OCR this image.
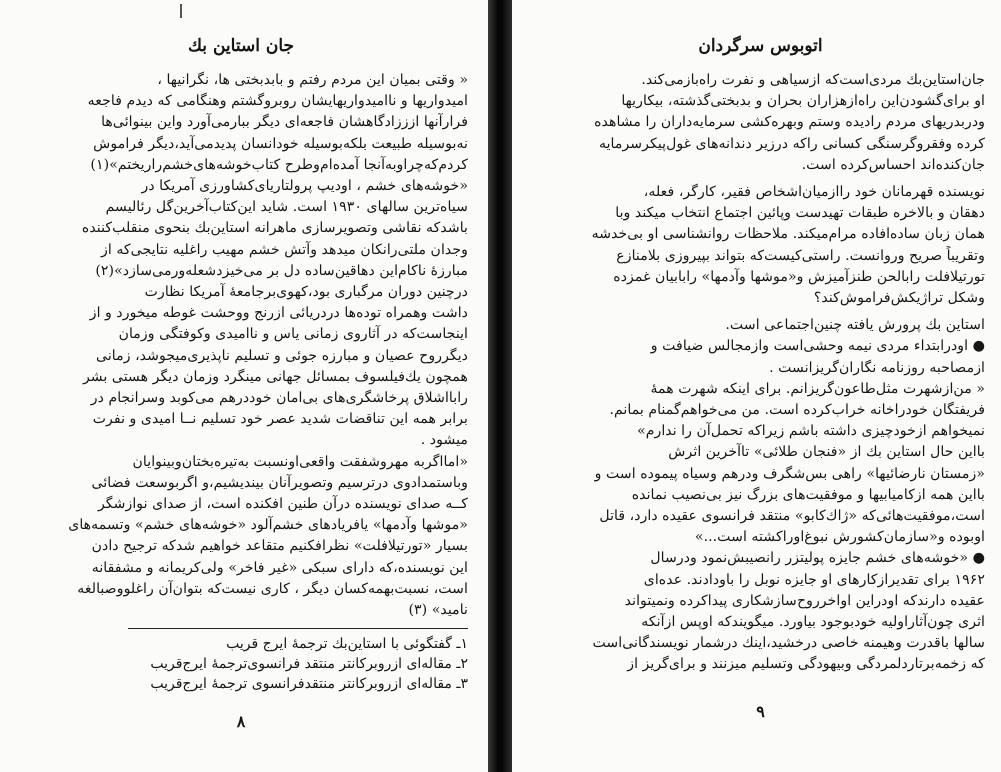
جان استاین بك
« وقتی بمیان این مردم رفتم و بابدبختی ها، نگرانیها ،
امیدواریها و ناامیدواریهایشان روبروگشتم وهنگامی که دیدم فاجعه
فرارآنها ازززادگاهشان فاجعه‌ای دیگر ببارمی‌آورد واین بینوائی‌ها
نه‌بوسیله طبیعت بلکه‌بوسیله خودانسان پدیدمی‌آید،دیگر فراموش
کردم‌که‌چرا‌وبه‌آنجا آمده‌ام‌وطرح کتاب‌خوشه‌های‌خشم‌راریختم»(۱)
«خوشه‌های خشم ، اودیپ پرولتاریای‌کشاورزی آمریکا در
سیاه‌ترین سالهای ۱۹۳۰ است. شاید این‌کتاب‌آخرین‌گل رئالیسم
باشدکه نقاشی وتصویرسازی ماهرانه استاین‌بك بنحوی منقلب‌کننده
وجدان ملتی‌رانکان میدهد وآتش خشم مهیب راغلیه نتایجی‌که از
مبارزهٔ ناکام‌این دهاقین‌ساده دل بر می‌خیزدشعله‌ورمی‌سازد»(۲)
درچنین دوران مرگباری بود،کهوی‌برجامعهٔ آمریکا نظارت
داشت وهمراه توده‌ها دردریائی ازرنج ووحشت غوطه میخورد و از
اینجاست‌که در آثاروی زمانی یاس و ناامیدی وکوفتگی وزمان
دیگرروح عصیان و مبارزه جوئی و تسلیم ناپذیری‌میجوشد، زمانی
همچون یك‌فیلسوف بمسائل جهانی مینگرد وزمان دیگر هستی بشر
رابااشلاق پرخاشگری‌های بی‌امان خوددرهم می‌کوبد وسرانجام در
برابر همه این تناقضات شدید عصر خود تسلیم نــا امیدی و نفرت
میشود .
«امااگربه مهروشفقت واقعی‌اونسبت به‌تیره‌بختان‌وبینوایان
وباستمدادوی درترسیم وتصویرآنان بیندیشیم،و اگربوسعت فضائی
کــه صدای نویسنده درآن طنین افکنده است، از صدای نوازشگر
«موشها وآدمها» یافریادهای خشم‌آلود «خوشه‌های خشم» وتسمه‌های
بسیار «تورتیلافلت» نظرافکنیم متقاعد خواهیم شدکه ترجیح دادن
این نویسنده،که دارای سبکی «غیر فاخر» ولی‌کریمانه و مشفقانه
است، نسبت‌بهمه‌کسان دیگر ، کاری نیست‌که بتوان‌آن راغلووصبالغه
نامید» (۳)
۱ـ گفتگوئی با استاین‌بك ترجمهٔ ایرج قریب
۲ـ مقاله‌ای ازروبر‌کانتر منتقد فرانسوی‌ترجمهٔ ایرج‌قریب
۳ـ مقاله‌ای ازروبرکانتر منتقدفرانسوی ترجمهٔ ایرج‌قریب
۸
اتوبوس سرگردان
جان‌استاین‌بك مردی‌است‌که ازسیاهی و نفرت راه‌بازمی‌کند.
او برای‌گشودن‌این راه‌ازهزاران بحران و بدبختی‌گذشته، بیکاریها
ودربدریهای مردم رادیده وستم وبهره‌کشی سرمایه‌داران را مشاهده
کرده وفقروگرسنگی کسانی راکه درزیر دندانه‌های غول‌پیکرسرمایه
جان‌کنده‌اند احساس‌کرده است.
نویسنده قهرمانان خود راازمیان‌اشخاص فقیر، کارگر، فعله،
دهقان و بالاخره طبقات تهیدست وپائین اجتماع انتخاب میکند وبا
همان زبان ساده‌افاده مرام‌میکند. ملاحظات روانشناسی او بی‌خدشه
وتقریباً صریح وروانست. راستی‌کیست‌که بتواند بپیروزی بلامنازع
تورتیلافلت رابالحن طنزآمیزش و«موشها وآدمها» رابابیان غمزده
وشکل تراژیکش‌فراموش‌کند؟
استاین بك پرورش یافته چنین‌اجتماعی است.
● اودرابتداء مردی نیمه وحشی‌است وازمجالس ضیافت و
ازمصاحبه روزنامه نگاران‌گریزانست .
« من‌ازشهرت مثل‌طاعون‌گریزانم. برای اینکه شهرت همهٔ
فریفتگان خودراخانه خراب‌کرده است. من می‌خواهم‌گمنام بمانم.
نمیخواهم ازخودچیزی داشته باشم زیراکه تحمل‌آن را ندارم»
با‌این حال استاین بك از «فنجان طلائی» تاآخرین اثرش
«زمستان نارضائیها» راهی بس‌شگرف ودرهم وسیاه پیموده است و
بااین همه ازکامیابیها و موفقیت‌های بزرگ نیز بی‌نصیب نمانده
است،موفقیت‌هائی‌که «ژاك‌کابو» منتقد فرانسوی عقیده دارد، قاتل
اوبوده‌ و«سازمان‌کشورش نبوغ‌اوراکشته است...»
● «خوشه‌های خشم جایزه پولیتزر رانصیبش‌نمود ودرسال
۱۹۶۲ برای تقدیرازکارهای او جایزه نوبل را باودادند. عده‌ای
عقیده دارندکه اودراین اواخرروح‌سازشکاری پیداکرده ونمیتواند
اثری چون‌آثاراولیه خودبوجود بیاورد. میگویندکه اوپس ازآنکه
سالها باقدرت وهیمنه خاصی درخشید،اینك درشمار نویسندگانی‌است
که زخمه‌برتاردلمردگی وبیهودگی وتسلیم میزنند و برای‌گریز از
۹
